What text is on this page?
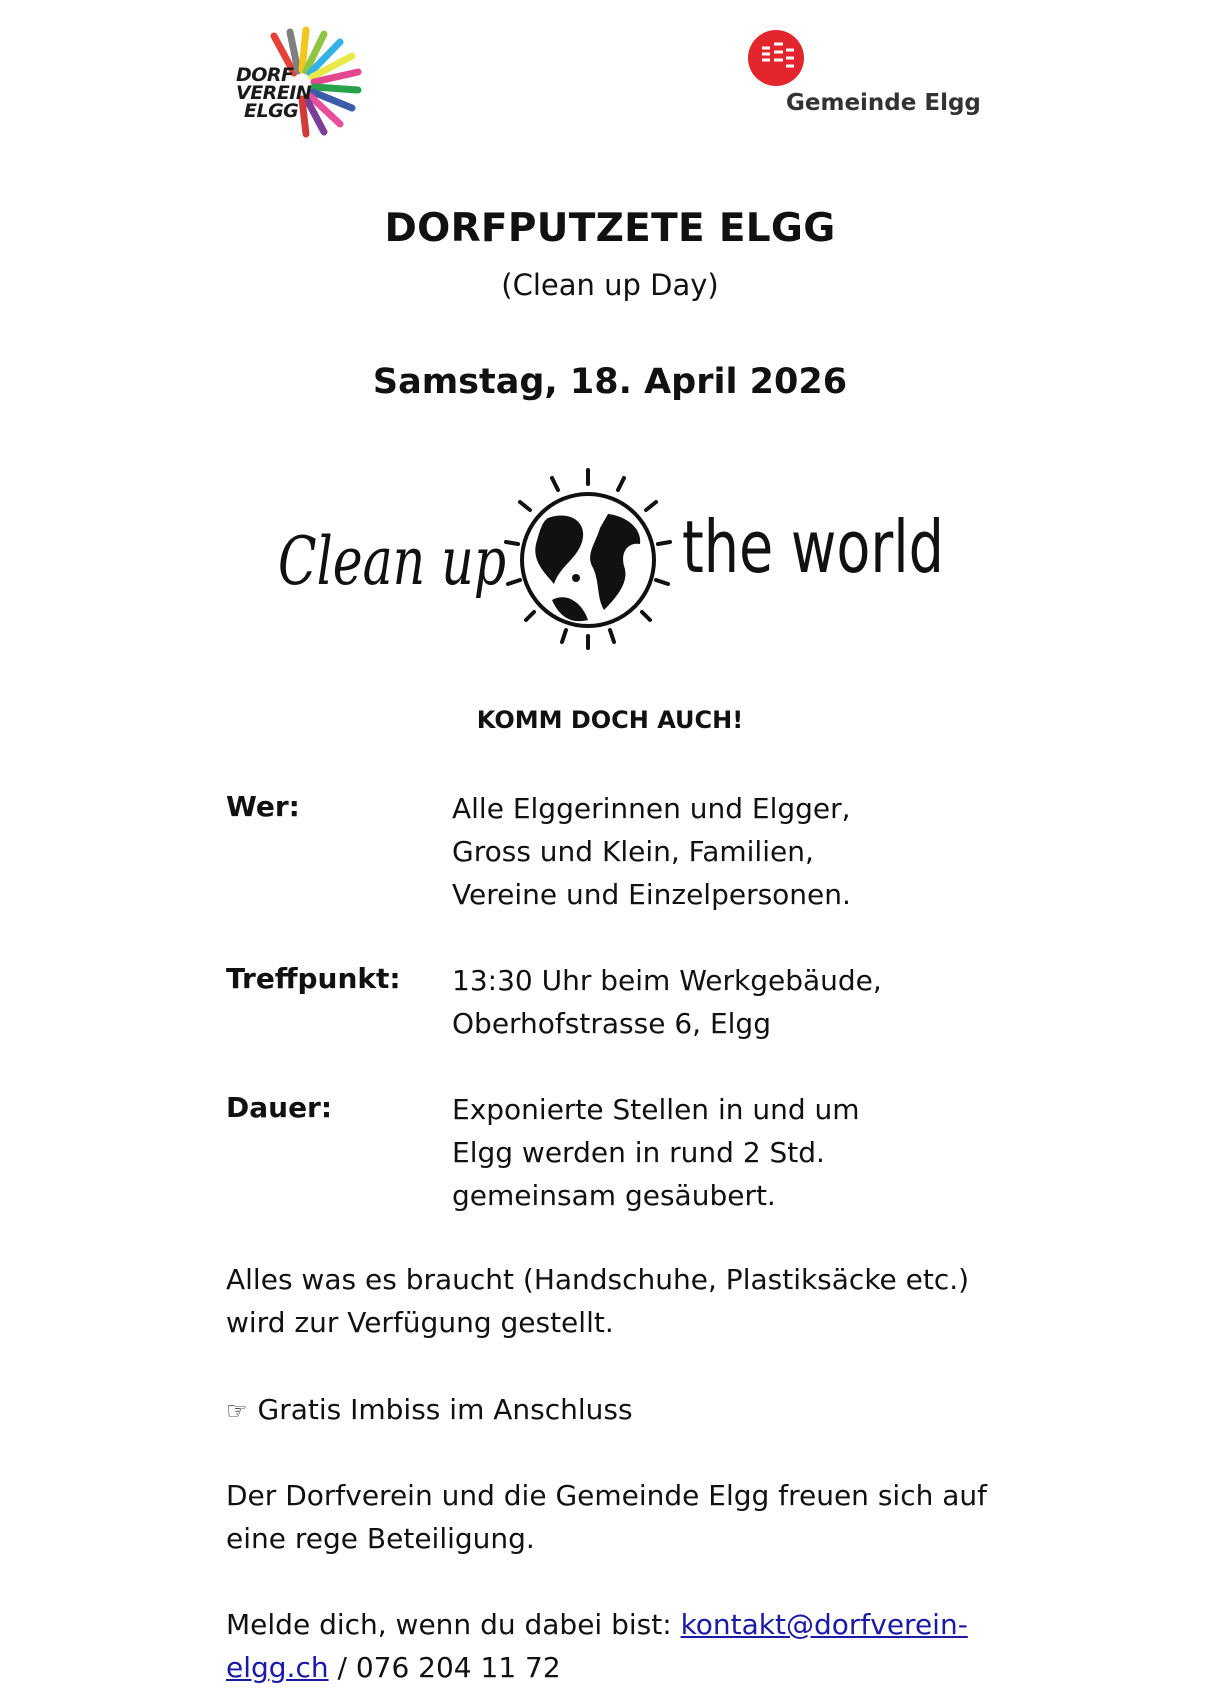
DORF
VEREIN
ELGG	Gemeinde Elgg
DORFPUTZETE ELGG
(Clean up Day)
Samstag, 18. April 2026
Clean up the world
KOMM DOCH AUCH!
Wer:	Alle Elggerinnen und Elgger,
Gross und Klein, Familien,
Vereine und Einzelpersonen.
Treffpunkt: 13:30 Uhr beim Werkgebäude,
Oberhofstrasse 6, Elgg
Dauer:	Exponierte Stellen in und um
Elgg werden in rund 2 Std.
gemeinsam gesäubert.
Alles was es braucht (Handschuhe, Plastiksäcke etc.)
wird zur Verfügung gestellt.
☞ Gratis Imbiss im Anschluss
Der Dorfverein und die Gemeinde Elgg freuen sich auf
eine rege Beteiligung.
Melde dich, wenn du dabei bist: kontakt@dorfverein-
elgg.ch / 076 204 11 72
